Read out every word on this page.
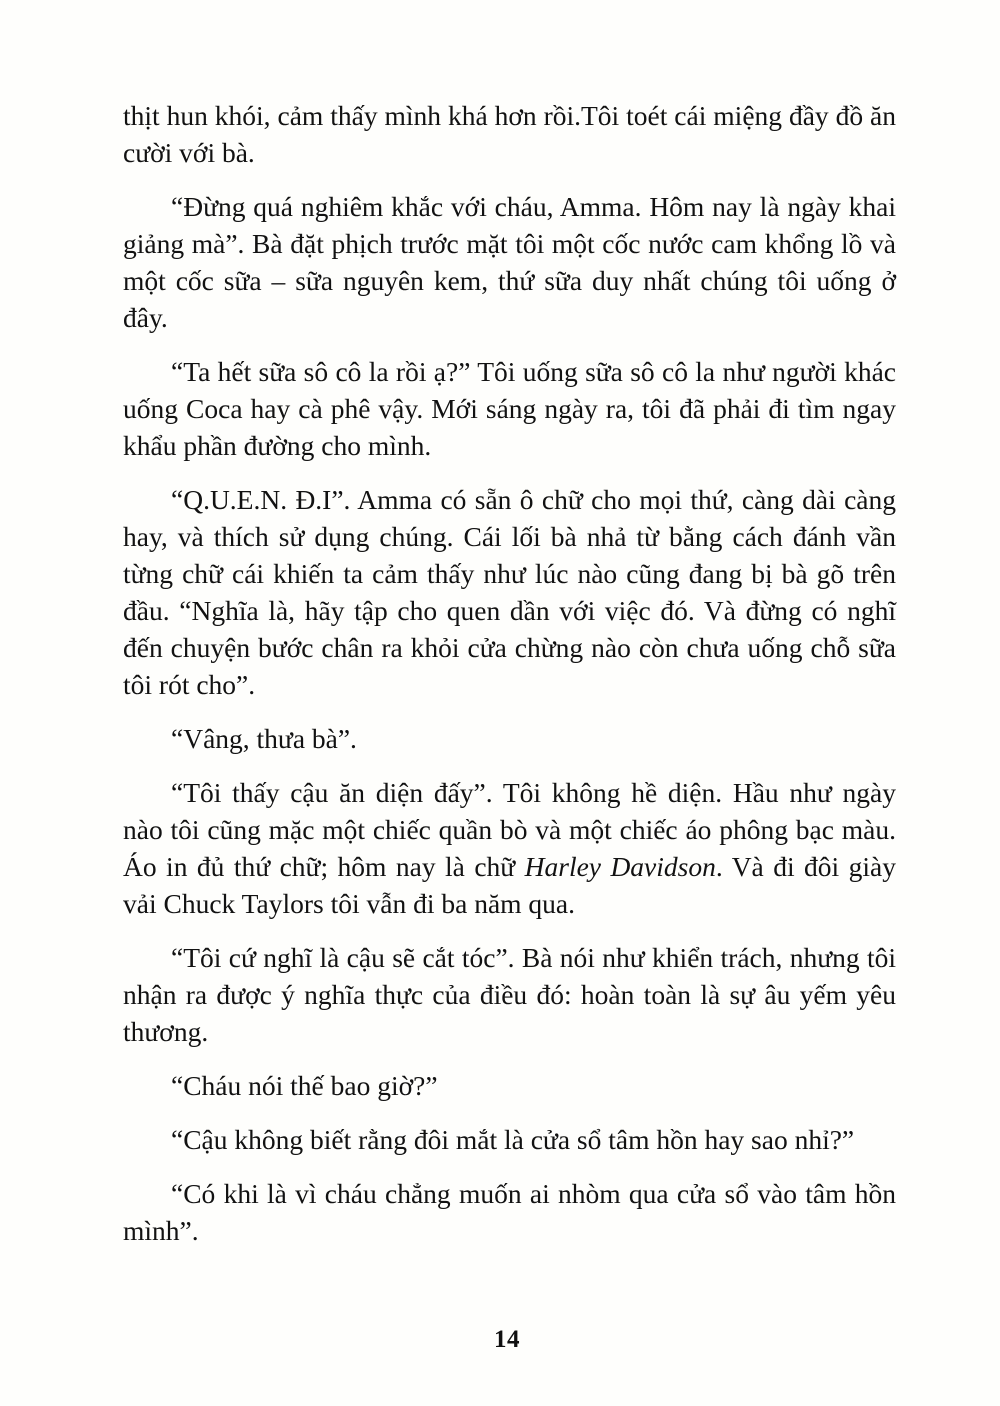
thịt hun khói, cảm thấy mình khá hơn rồi.Tôi toét cái miệng đầy đồ ăn cười với bà.

“Đừng quá nghiêm khắc với cháu, Amma. Hôm nay là ngày khai giảng mà”. Bà đặt phịch trước mặt tôi một cốc nước cam khổng lồ và một cốc sữa – sữa nguyên kem, thứ sữa duy nhất chúng tôi uống ở đây.

“Ta hết sữa sô cô la rồi ạ?” Tôi uống sữa sô cô la như người khác uống Coca hay cà phê vậy. Mới sáng ngày ra, tôi đã phải đi tìm ngay khẩu phần đường cho mình.

“Q.U.E.N. Đ.I”. Amma có sẵn ô chữ cho mọi thứ, càng dài càng hay, và thích sử dụng chúng. Cái lối bà nhả từ bằng cách đánh vần từng chữ cái khiến ta cảm thấy như lúc nào cũng đang bị bà gõ trên đầu. “Nghĩa là, hãy tập cho quen dần với việc đó. Và đừng có nghĩ đến chuyện bước chân ra khỏi cửa chừng nào còn chưa uống chỗ sữa tôi rót cho”.

“Vâng, thưa bà”.

“Tôi thấy cậu ăn diện đấy”. Tôi không hề diện. Hầu như ngày nào tôi cũng mặc một chiếc quần bò và một chiếc áo phông bạc màu. Áo in đủ thứ chữ; hôm nay là chữ Harley Davidson. Và đi đôi giày vải Chuck Taylors tôi vẫn đi ba năm qua.

“Tôi cứ nghĩ là cậu sẽ cắt tóc”. Bà nói như khiển trách, nhưng tôi nhận ra được ý nghĩa thực của điều đó: hoàn toàn là sự âu yếm yêu thương.

“Cháu nói thế bao giờ?”

“Cậu không biết rằng đôi mắt là cửa sổ tâm hồn hay sao nhỉ?”

“Có khi là vì cháu chẳng muốn ai nhòm qua cửa sổ vào tâm hồn mình”.

14
